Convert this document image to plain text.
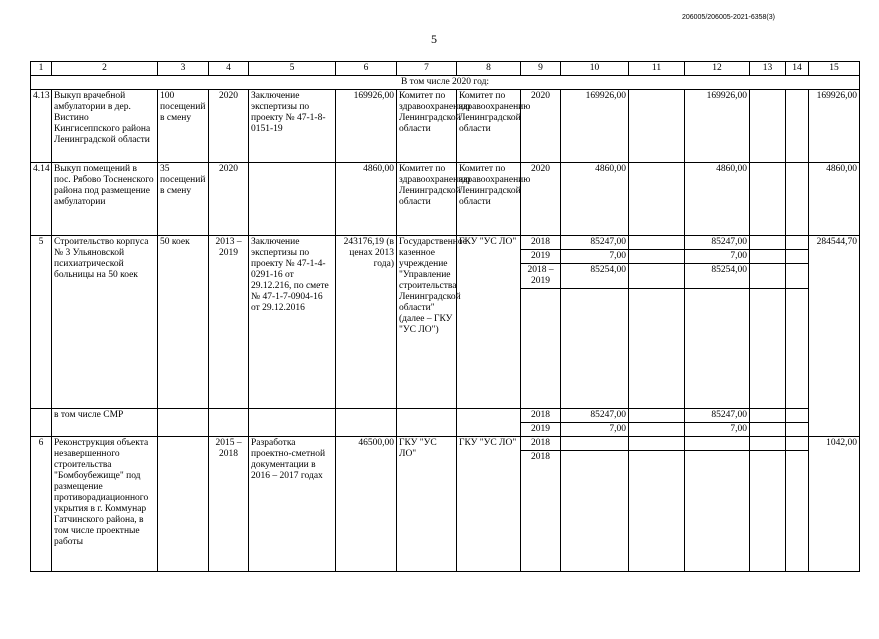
206005/206005-2021-6358(3)
5
1	2	3	4	5	6	7	8	9	10	11	12	13	14	15
В том числе 2020 год:														
4.13	Выкуп врачебной амбулатории в дер. Вистино Кингисеппского района Ленинградской области	100 посещений в смену	2020	Заключение экспертизы по проекту № 47-1-8-0151-19	169926,00	Комитет по здравоохранению Ленинградской области	Комитет по здравоохранению Ленинградской области	2020	169926,00		169926,00			169926,00
4.14	Выкуп помещений в пос. Рябово Тосненского района под размещение амбулатории	35 посещений в смену	2020		4860,00	Комитет по здравоохранению Ленинградской области	Комитет по здравоохранению Ленинградской области	2020	4860,00		4860,00			4860,00
5	Строительство корпуса № 3 Ульяновской психиатрической больницы на 50 коек	50 коек	2013 – 2019	Заключение экспертизы по проекту № 47-1-4-0291-16 от 29.12.216, по смете № 47-1-7-0904-16 от 29.12.2016	243176,19 (в ценах 2013 года)	Государственное казенное учреждение "Управление строительства Ленинградской области" (далее – ГКУ "УС ЛО")	ГКУ "УС ЛО"	2018	85247,00		85247,00			284544,70
								2019	7,00		7,00			
								2018 – 2019	85254,00		85254,00			

	в том числе СМР							2018	85247,00		85247,00			
								2019	7,00		7,00			
6	Реконструкция объекта незавершенного строительства "Бомбоубежище" под размещение противорадиационного укрытия в г. Коммунар Гатчинского района, в том числе проектные работы		2015 – 2018	Разработка проектно-сметной документации в 2016 – 2017 годах	46500,00	ГКУ "УС ЛО"	ГКУ "УС ЛО"	2018						1042,00
								2018						
